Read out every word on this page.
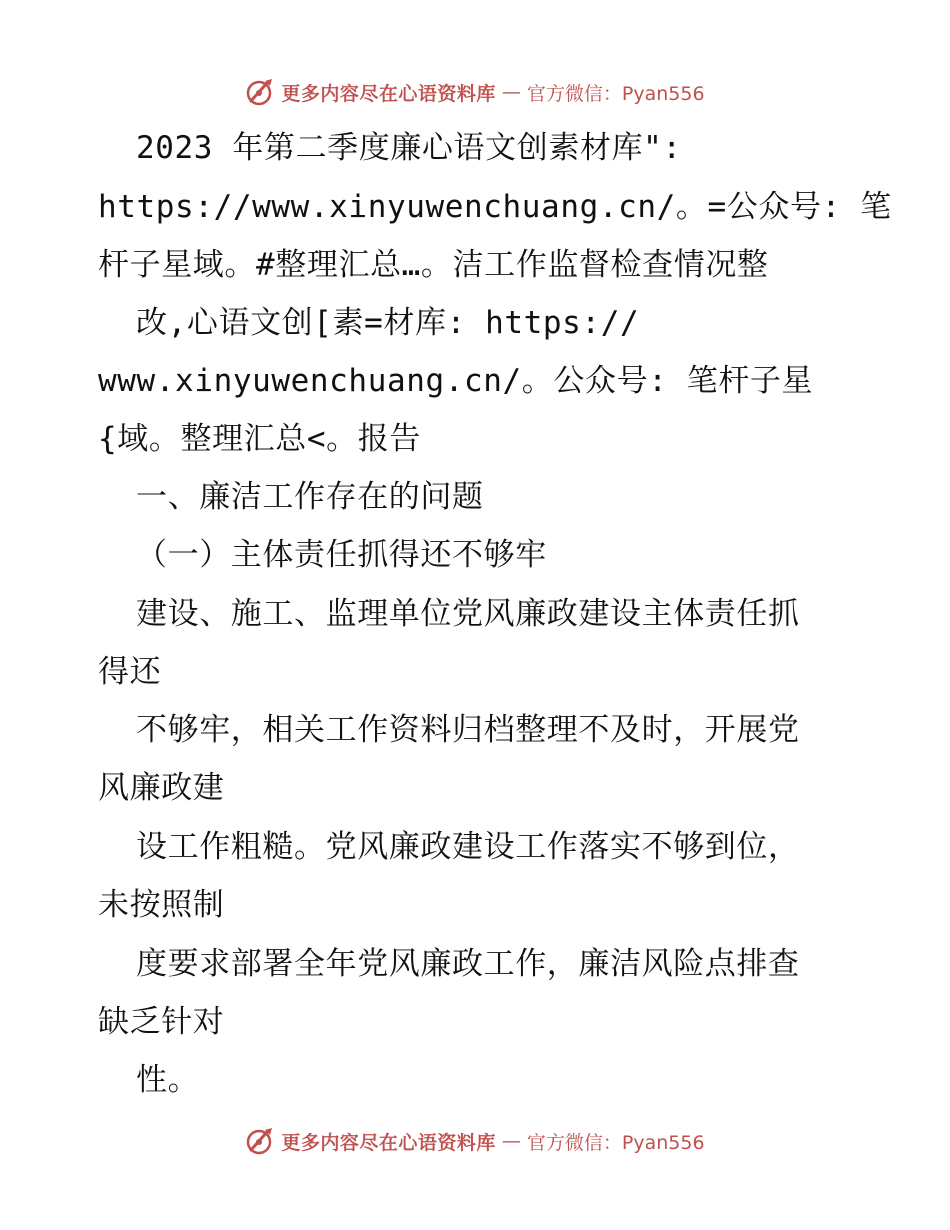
更多内容尽在心语资料库 — 官方微信：Pyan556
2023 年第二季度廉心语文创素材库":
https://www.xinyuwenchuang.cn/。=公众号: 笔
杆子星域。#整理汇总…。洁工作监督检查情况整
改,心语文创[素=材库: https://
www.xinyuwenchuang.cn/。公众号: 笔杆子星
{域。整理汇总<。报告
一、廉洁工作存在的问题
（一）主体责任抓得还不够牢
建设、施工、监理单位党风廉政建设主体责任抓
得还
不够牢，相关工作资料归档整理不及时，开展党
风廉政建
设工作粗糙。党风廉政建设工作落实不够到位，
未按照制
度要求部署全年党风廉政工作，廉洁风险点排查
缺乏针对
性。
更多内容尽在心语资料库 — 官方微信：Pyan556
